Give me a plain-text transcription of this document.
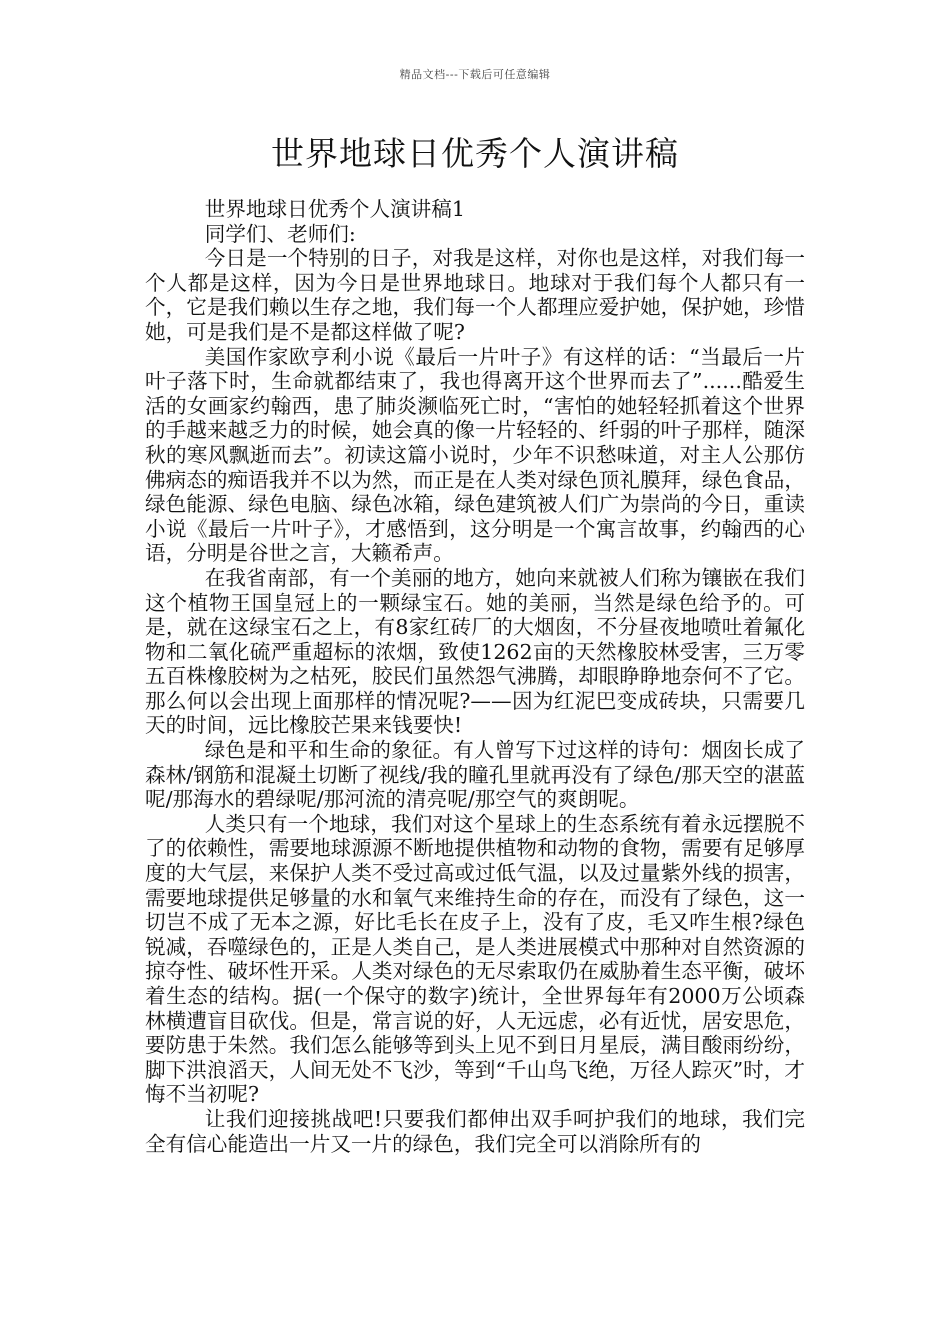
精品文档---下载后可任意编辑
世界地球日优秀个人演讲稿

世界地球日优秀个人演讲稿1

同学们、老师们:

今日是一个特别的日子，对我是这样，对你也是这样，对我们每一个人都是这样，因为今日是世界地球日。地球对于我们每个人都只有一个，它是我们赖以生存之地，我们每一个人都理应爱护她，保护她，珍惜她，可是我们是不是都这样做了呢?

美国作家欧亨利小说《最后一片叶子》有这样的话：“当最后一片叶子落下时，生命就都结束了，我也得离开这个世界而去了”......酷爱生活的女画家约翰西，患了肺炎濒临死亡时，“害怕的她轻轻抓着这个世界的手越来越乏力的时候，她会真的像一片轻轻的、纤弱的叶子那样，随深秋的寒风飘逝而去”。初读这篇小说时，少年不识愁味道，对主人公那仿佛病态的痴语我并不以为然，而正是在人类对绿色顶礼膜拜，绿色食品，绿色能源、绿色电脑、绿色冰箱，绿色建筑被人们广为崇尚的今日，重读小说《最后一片叶子》，才感悟到，这分明是一个寓言故事，约翰西的心语，分明是谷世之言，大籁希声。

在我省南部，有一个美丽的地方，她向来就被人们称为镶嵌在我们这个植物王国皇冠上的一颗绿宝石。她的美丽，当然是绿色给予的。可是，就在这绿宝石之上，有8家红砖厂的大烟囱，不分昼夜地喷吐着氟化物和二氧化硫严重超标的浓烟，致使1262亩的天然橡胶林受害，三万零五百株橡胶树为之枯死，胶民们虽然怨气沸腾，却眼睁睁地奈何不了它。那么何以会出现上面那样的情况呢?——因为红泥巴变成砖块，只需要几天的时间，远比橡胶芒果来钱要快!

绿色是和平和生命的象征。有人曾写下过这样的诗句：烟囱长成了森林/钢筋和混凝土切断了视线/我的瞳孔里就再没有了绿色/那天空的湛蓝呢/那海水的碧绿呢/那河流的清亮呢/那空气的爽朗呢。

人类只有一个地球，我们对这个星球上的生态系统有着永远摆脱不了的依赖性，需要地球源源不断地提供植物和动物的食物，需要有足够厚度的大气层，来保护人类不受过高或过低气温，以及过量紫外线的损害，需要地球提供足够量的水和氧气来维持生命的存在，而没有了绿色，这一切岂不成了无本之源，好比毛长在皮子上，没有了皮，毛又咋生根?绿色锐减，吞噬绿色的，正是人类自己，是人类进展模式中那种对自然资源的掠夺性、破坏性开采。人类对绿色的无尽索取仍在威胁着生态平衡，破坏着生态的结构。据(一个保守的数字)统计，全世界每年有2000万公顷森林横遭盲目砍伐。但是，常言说的好，人无远虑，必有近忧，居安思危，要防患于朱然。我们怎么能够等到头上见不到日月星辰，满目酸雨纷纷，脚下洪浪滔天，人间无处不飞沙，等到“千山鸟飞绝，万径人踪灭”时，才悔不当初呢?

让我们迎接挑战吧!只要我们都伸出双手呵护我们的地球，我们完全有信心能造出一片又一片的绿色，我们完全可以消除所有的
